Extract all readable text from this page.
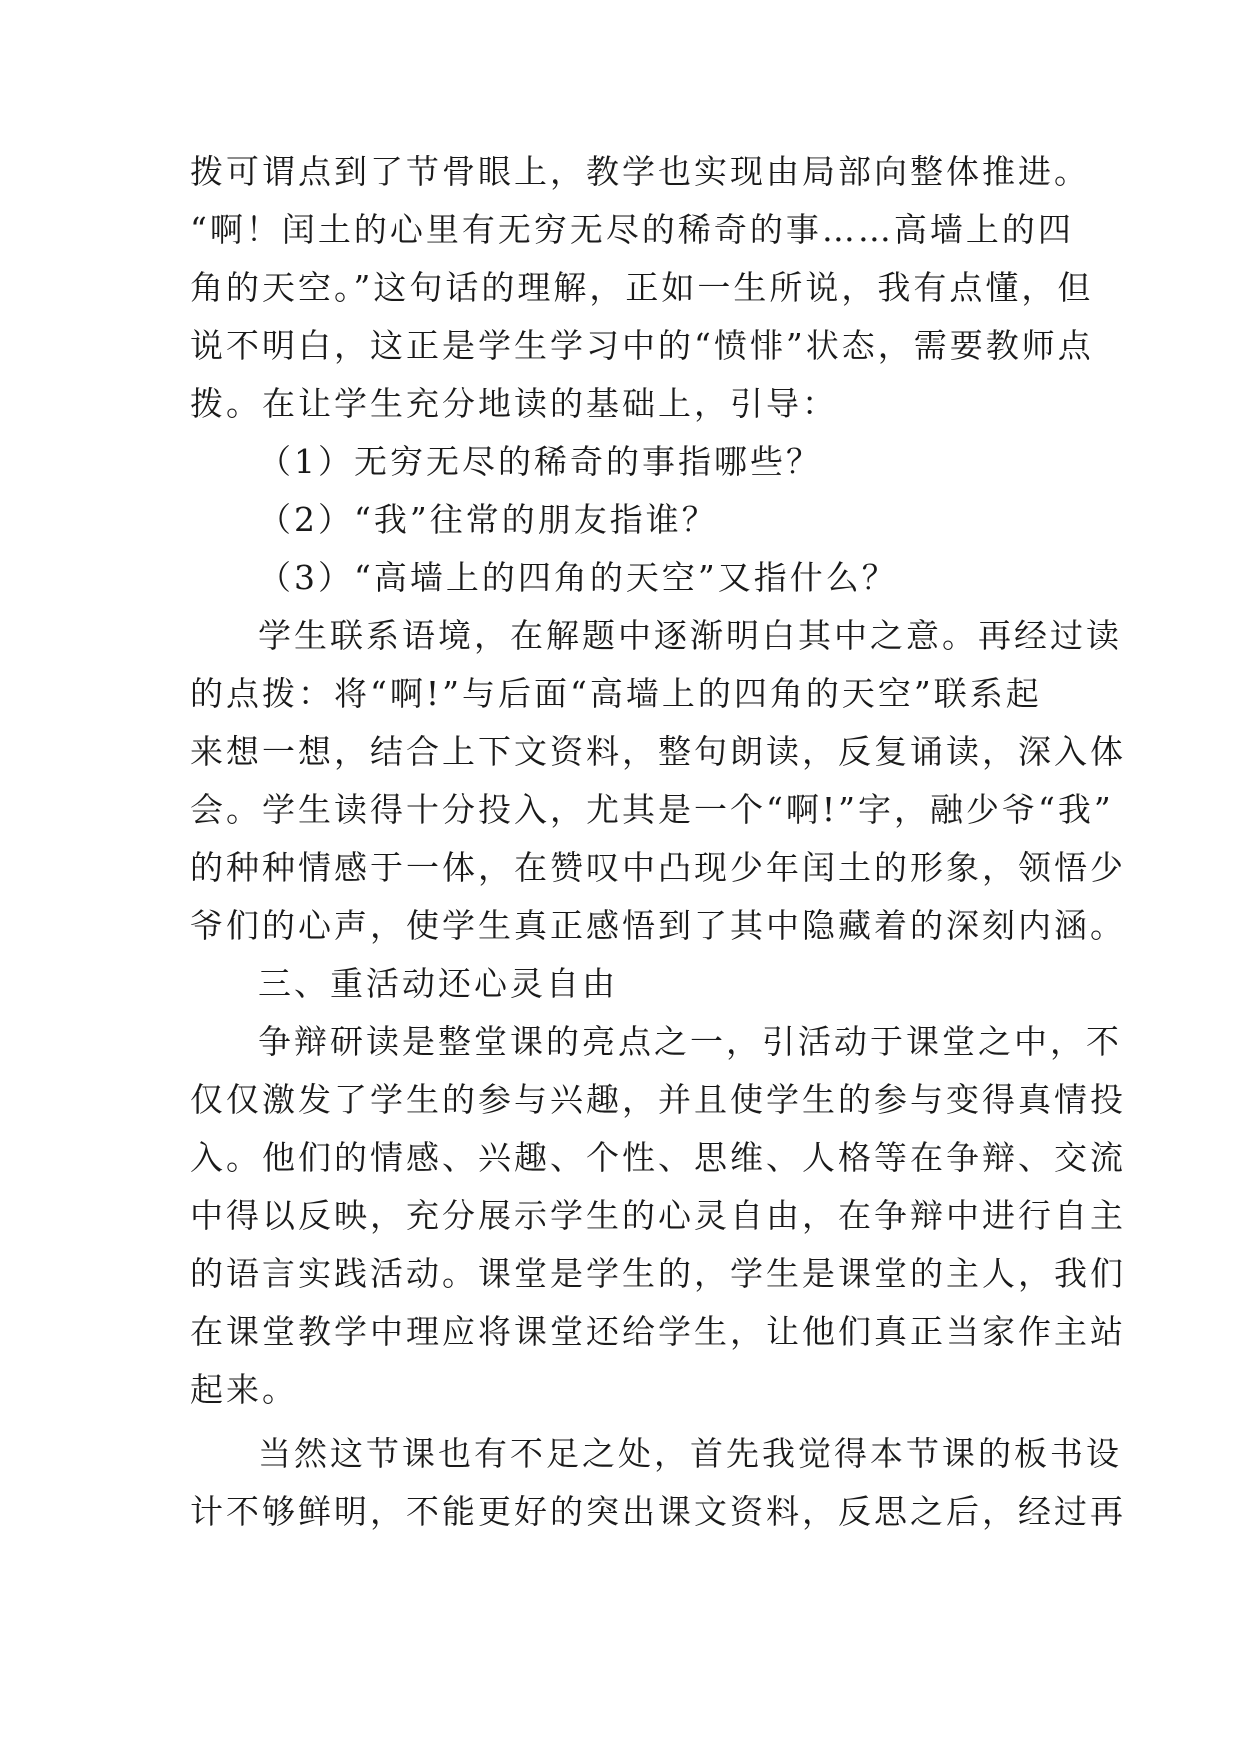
拨可谓点到了节骨眼上，教学也实现由局部向整体推进。

“啊！闰土的心里有无穷无尽的稀奇的事……高墙上的四

角的天空。”这句话的理解，正如一生所说，我有点懂，但

说不明白，这正是学生学习中的“愤悱”状态，需要教师点

拨。在让学生充分地读的基础上，引导：

（1）无穷无尽的稀奇的事指哪些？

（2）“我”往常的朋友指谁？

（3）“高墙上的四角的天空”又指什么？

学生联系语境，在解题中逐渐明白其中之意。再经过读

的点拨：将“啊!”与后面“高墙上的四角的天空”联系起

来想一想，结合上下文资料，整句朗读，反复诵读，深入体

会。学生读得十分投入，尤其是一个“啊!”字，融少爷“我”

的种种情感于一体，在赞叹中凸现少年闰土的形象，领悟少

爷们的心声，使学生真正感悟到了其中隐藏着的深刻内涵。

三、重活动还心灵自由

争辩研读是整堂课的亮点之一，引活动于课堂之中，不

仅仅激发了学生的参与兴趣，并且使学生的参与变得真情投

入。他们的情感、兴趣、个性、思维、人格等在争辩、交流

中得以反映，充分展示学生的心灵自由，在争辩中进行自主

的语言实践活动。课堂是学生的，学生是课堂的主人，我们

在课堂教学中理应将课堂还给学生，让他们真正当家作主站

起来。

当然这节课也有不足之处，首先我觉得本节课的板书设

计不够鲜明，不能更好的突出课文资料，反思之后，经过再
